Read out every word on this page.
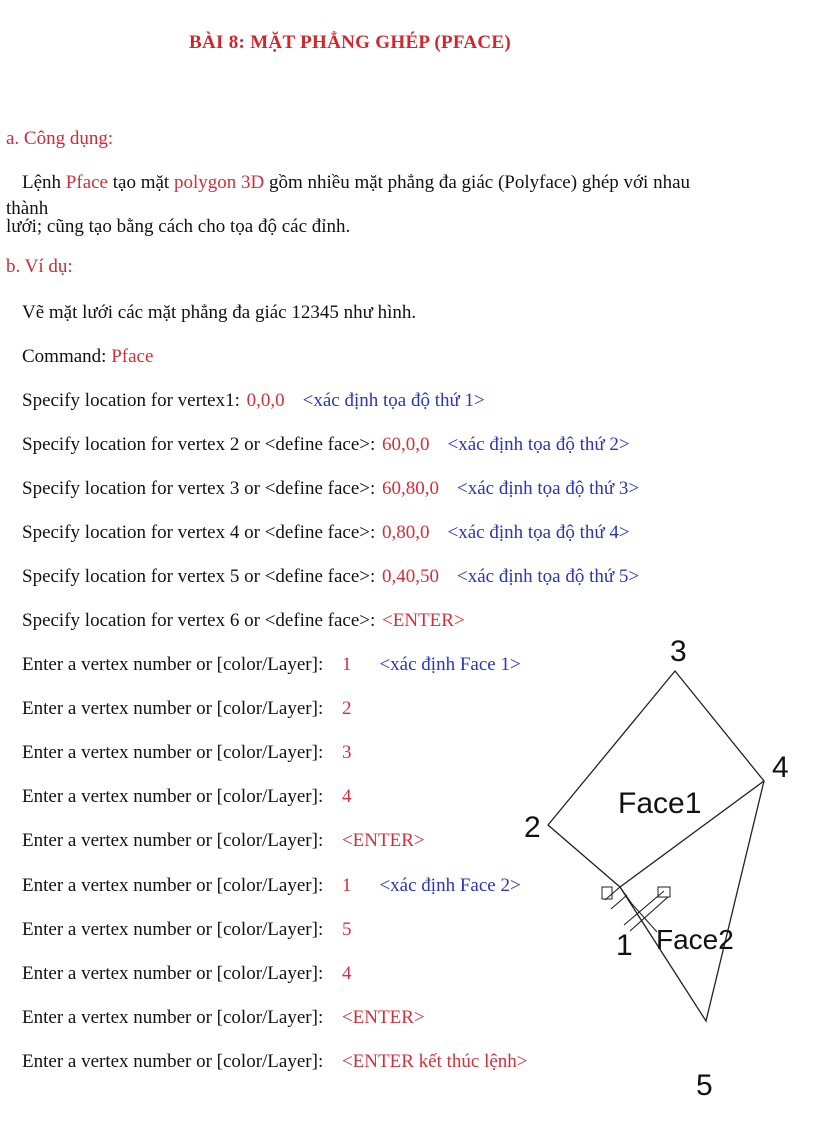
BÀI 8: MẶT PHẲNG GHÉP (PFACE)
a. Công dụng:
Lệnh Pface tạo mặt polygon 3D gồm nhiều mặt phẳng đa giác (Polyface) ghép với nhau thành
lưới; cũng tạo bằng cách cho tọa độ các đỉnh.
b. Ví dụ:
Vẽ mặt lưới các mặt phẳng đa giác 12345 như hình.
Command: Pface
Specify location for vertex1: 0,0,0 <xác định tọa độ thứ 1>
Specify location for vertex 2 or <define face>: 60,0,0 <xác định tọa độ thứ 2>
Specify location for vertex 3 or <define face>: 60,80,0 <xác định tọa độ thứ 3>
Specify location for vertex 4 or <define face>: 0,80,0 <xác định tọa độ thứ 4>
Specify location for vertex 5 or <define face>: 0,40,50 <xác định tọa độ thứ 5>
Specify location for vertex 6 or <define face>: <ENTER>
Enter a vertex number or [color/Layer]: 1 <xác định Face 1>
Enter a vertex number or [color/Layer]: 2
Enter a vertex number or [color/Layer]: 3
Enter a vertex number or [color/Layer]: 4
Enter a vertex number or [color/Layer]: <ENTER>
Enter a vertex number or [color/Layer]: 1 <xác định Face 2>
Enter a vertex number or [color/Layer]: 5
Enter a vertex number or [color/Layer]: 4
Enter a vertex number or [color/Layer]: <ENTER>
Enter a vertex number or [color/Layer]: <ENTER kết thúc lệnh>
3
4
2
1
5
Face1
Face2
